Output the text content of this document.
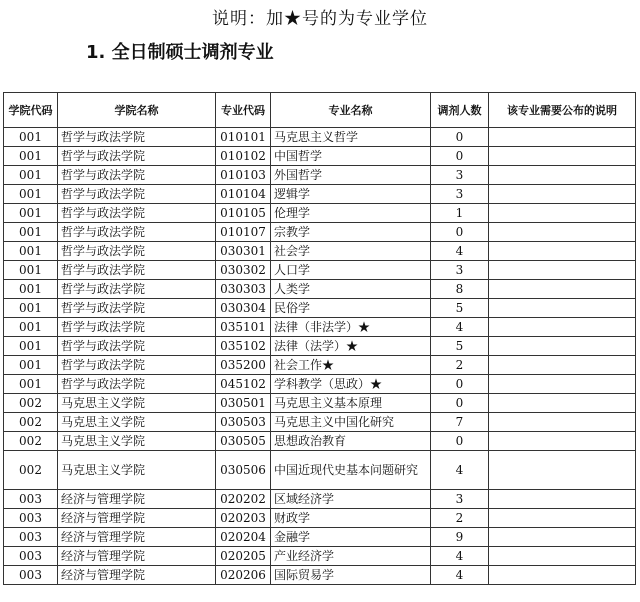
说明：加★号的为专业学位
1. 全日制硕士调剂专业
学院代码	学院名称	专业代码	专业名称	调剂人数	该专业需要公布的说明
001	哲学与政法学院	010101	马克思主义哲学	0	
001	哲学与政法学院	010102	中国哲学	0	
001	哲学与政法学院	010103	外国哲学	3	
001	哲学与政法学院	010104	逻辑学	3	
001	哲学与政法学院	010105	伦理学	1	
001	哲学与政法学院	010107	宗教学	0	
001	哲学与政法学院	030301	社会学	4	
001	哲学与政法学院	030302	人口学	3	
001	哲学与政法学院	030303	人类学	8	
001	哲学与政法学院	030304	民俗学	5	
001	哲学与政法学院	035101	法律（非法学）★	4	
001	哲学与政法学院	035102	法律（法学）★	5	
001	哲学与政法学院	035200	社会工作★	2	
001	哲学与政法学院	045102	学科教学（思政）★	0	
002	马克思主义学院	030501	马克思主义基本原理	0	
002	马克思主义学院	030503	马克思主义中国化研究	7	
002	马克思主义学院	030505	思想政治教育	0	
002	马克思主义学院	030506	中国近现代史基本问题研究	4	
003	经济与管理学院	020202	区域经济学	3	
003	经济与管理学院	020203	财政学	2	
003	经济与管理学院	020204	金融学	9	
003	经济与管理学院	020205	产业经济学	4	
003	经济与管理学院	020206	国际贸易学	4	
